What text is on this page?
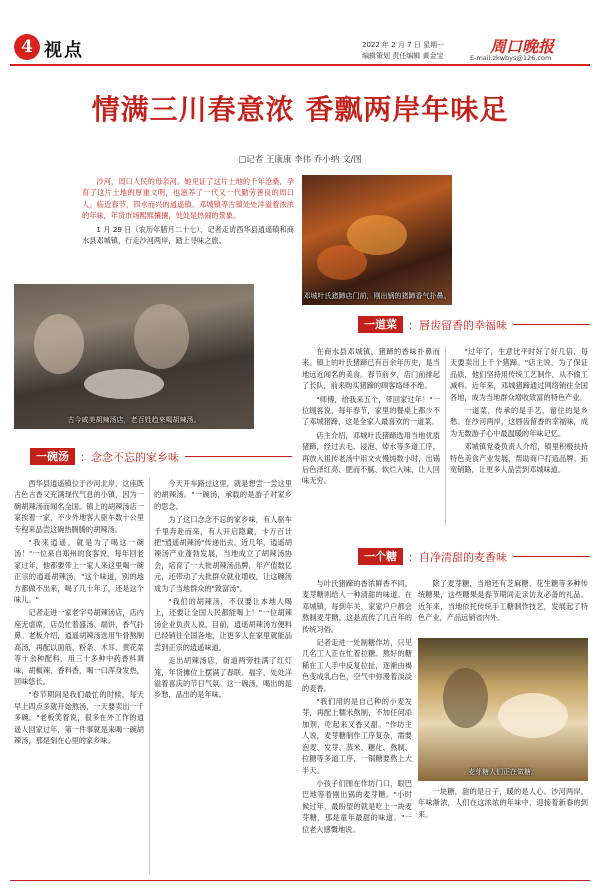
4 视点	2022 年 2 月 7 日 星期一
编辑策划 责任编辑 黄金宝	周口晚报
E-mail:zkwbys@126.com
情满三川春意浓 香飘两岸年味足
□记者 王康康 李伟 乔小纳 文/图

沙河，周口人民的母亲河。她见证了这片土地的千年沧桑，孕育了这片土地的厚重文明，也滋养了一代又一代勤劳善良的周口人。临近春节，四水而兴的逍遥镇、邓城镇等古镇处处洋溢着浓浓的年味，年货市场熙熙攘攘，处处是热闹的景象。

1 月 29 日（农历年腊月二十七），记者走访西华县逍遥镇和商水县邓城镇，行走沙河两岸，踏上寻味之旅。

邓城叶氏猪蹄店门前，刚出锅的猪蹄香气扑鼻。
古今咸美胡辣汤店，老百姓趋来喝胡辣汤。
一道菜	：唇齿留香的幸福味

在商水县邓城镇，猪蹄的香味扑鼻而来。镇上的叶氏猪蹄已有百余年历史，是当地远近闻名的美食。春节前夕，店门前排起了长队，前来购买猪蹄的顾客络绎不绝。

"师傅，给我来五个，带回家过年！"一位顾客说，每年春节，家里的餐桌上都少不了邓城猪蹄，这是全家人最喜欢的一道菜。

店主介绍，邓城叶氏猪蹄选用当地优质猪蹄，经过去毛、浸泡、焯水等多道工序，再放入祖传老汤中用文火慢炖数小时，出锅后色泽红亮、肥而不腻、软烂入味，让人回味无穷。

"过年了，生意比平时好了好几倍，每天要卖出上千个猪蹄。"店主说，为了保证品质，他们坚持用传统工艺制作，从不偷工减料。近年来，邓城猪蹄通过网络销往全国各地，成为当地群众增收致富的特色产业。

一道菜，传承的是手艺，留住的是乡愁。在沙河两岸，这唇齿留香的幸福味，成为无数游子心中最温暖的年味记忆。

邓城镇党委负责人介绍，镇里积极扶持特色美食产业发展，帮助商户打造品牌、拓宽销路，让更多人品尝到邓城味道。

一碗汤	：念念不忘的家乡味

西华县逍遥镇位于沙河北岸，这座既古色古香又充满现代气息的小镇，因为一碗胡辣汤而闻名全国。镇上的胡辣汤店一家挨着一家，不少外地客人驱车数十公里专程来品尝这碗热腾腾的胡辣汤。

"我来逍遥，就是为了喝这一碗汤！"一位来自郑州的食客说，每年回老家过年，他都要带上一家人来这里喝一碗正宗的逍遥胡辣汤，"这个味道，别的地方都做不出来，喝了几十年了，还是这个味儿。"

记者走进一家老字号胡辣汤店，店内座无虚席，店员忙着盛汤、端饼，香气扑鼻。老板介绍，逍遥胡辣汤选用牛骨熬制高汤，再配以面筋、粉条、木耳、黄花菜等十余种配料，用三十多种中药香料调味，胡椒辣、香料香，喝一口浑身发热，回味悠长。

"春节期间是我们最忙的时候，每天早上四点多就开始熬汤，一天要卖出一千多碗。"老板笑着说，很多在外工作的逍遥人回家过年，第一件事就是来喝一碗胡辣汤，那是刻在心里的家乡味。

今天开车路过这里，就是想尝一尝这里的胡辣汤。"一碗汤，承载的是游子对家乡的思念。

为了这口念念不忘的家乡味，有人驱车千里奔赴而来，有人开启隐藏，卡万百计把"逍遥胡辣汤"传递出去。近几年，逍遥胡辣汤产业蓬勃发展，当地成立了胡辣汤协会，培育了一大批胡辣汤品牌，年产值数亿元，还带动了大批群众就业增收，让这碗汤成为了当地群众的"致富汤"。

"我们的胡辣汤，不仅要让本地人喝上，还要让全国人民都能喝上！"一位胡辣汤企业负责人说，目前，逍遥胡辣汤方便料已经销往全国各地，让更多人在家里就能品尝到正宗的逍遥味道。

走出胡辣汤店，街道两旁挂满了红灯笼，年货摊位上摆满了春联、福字，处处洋溢着喜庆的节日气氛。这一碗汤，喝出的是乡愁，品出的是年味。

一个糖	：自净清甜的麦香味

与叶氏猪蹄的香浓鲜香不同，麦芽糖则给人一种清甜的味道。在邓城镇，每到年关，家家户户都会熬制麦芽糖，这是流传了几百年的传统习俗。

记者走进一处制糖作坊，只见几名工人正在忙着拉糖。熬好的糖稀在工人手中反复拉扯，逐渐由褐色变成乳白色，空气中弥漫着淡淡的麦香。

"我们用的是自己种的小麦发芽，再配上糯米熬制，不加任何添加剂，吃起来又香又甜。"作坊主人说，麦芽糖制作工序复杂，需要泡麦、发芽、蒸米、糖化、熬制、拉糖等多道工序，一锅糖要熬上大半天。

小孩子们围在作坊门口，眼巴巴地等着刚出锅的麦芽糖。"小时候过年，最盼望的就是吃上一块麦芽糖，那是童年最甜的味道。"一位老人感慨地说。

除了麦芽糖，当地还有芝麻糖、花生糖等多种传统糖果，这些糖果是春节期间走亲访友必备的礼品。近年来，当地依托传统手工糖制作技艺，发展起了特色产业，产品远销省内外。

麦芽糖人们正在做糖。

一块糖，甜的是日子，暖的是人心。沙河两岸，年味渐浓，人们在这浓浓的年味中，迎接着新春的到来。
